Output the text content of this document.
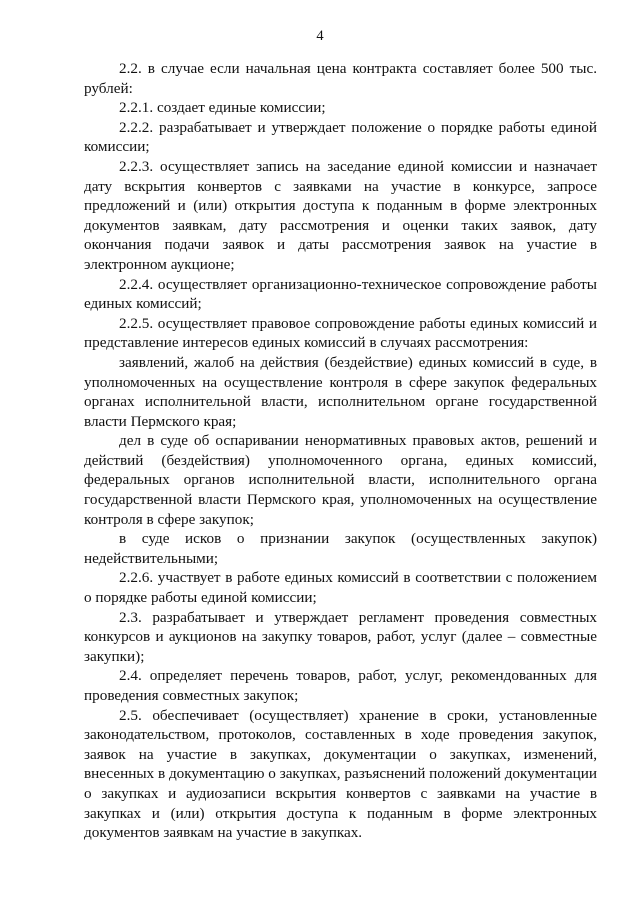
4

2.2. в случае если начальная цена контракта составляет более 500 тыс. рублей:

2.2.1. создает единые комиссии;

2.2.2. разрабатывает и утверждает положение о порядке работы единой комиссии;

2.2.3. осуществляет запись на заседание единой комиссии и назначает дату вскрытия конвертов с заявками на участие в конкурсе, запросе предложений и (или) открытия доступа к поданным в форме электронных документов заявкам, дату рассмотрения и оценки таких заявок, дату окончания подачи заявок и даты рассмотрения заявок на участие в электронном аукционе;

2.2.4. осуществляет организационно-техническое сопровождение работы единых комиссий;

2.2.5. осуществляет правовое сопровождение работы единых комиссий и представление интересов единых комиссий в случаях рассмотрения:

заявлений, жалоб на действия (бездействие) единых комиссий в суде, в уполномоченных на осуществление контроля в сфере закупок федеральных органах исполнительной власти, исполнительном органе государственной власти Пермского края;

дел в суде об оспаривании ненормативных правовых актов, решений и действий (бездействия) уполномоченного органа, единых комиссий, федеральных органов исполнительной власти, исполнительного органа государственной власти Пермского края, уполномоченных на осуществление контроля в сфере закупок;

в суде исков о признании закупок (осуществленных закупок) недействительными;

2.2.6. участвует в работе единых комиссий в соответствии с положением о порядке работы единой комиссии;

2.3. разрабатывает и утверждает регламент проведения совместных конкурсов и аукционов на закупку товаров, работ, услуг (далее – совместные закупки);

2.4. определяет перечень товаров, работ, услуг, рекомендованных для проведения совместных закупок;

2.5. обеспечивает (осуществляет) хранение в сроки, установленные законодательством, протоколов, составленных в ходе проведения закупок, заявок на участие в закупках, документации о закупках, изменений, внесенных в документацию о закупках, разъяснений положений документации о закупках и аудиозаписи вскрытия конвертов с заявками на участие в закупках и (или) открытия доступа к поданным в форме электронных документов заявкам на участие в закупках.
